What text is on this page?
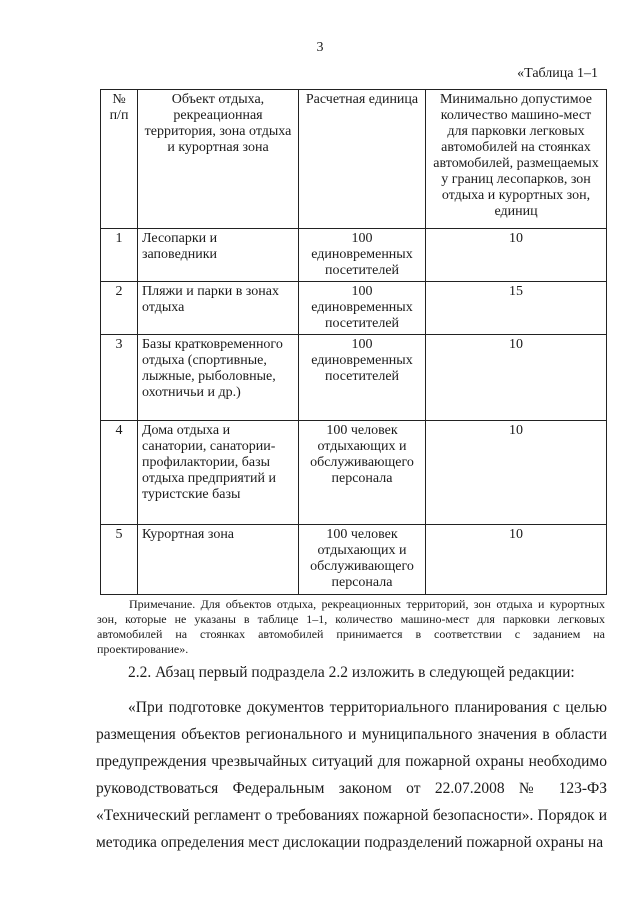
3
«Таблица 1–1
№ п/п	Объект отдыха, рекреационная территория, зона отдыха и курортная зона	Расчетная единица	Минимально допустимое количество машино-мест для парковки легковых автомобилей на стоянках автомобилей, размещаемых у границ лесопарков, зон отдыха и курортных зон, единиц
1	Лесопарки и заповедники	100 единовременных посетителей	10
2	Пляжи и парки в зонах отдыха	100 единовременных посетителей	15
3	Базы кратковременного отдыха (спортивные, лыжные, рыболовные, охотничьи и др.)	100 единовременных посетителей	10
4	Дома отдыха и санатории, санатории-профилактории, базы отдыха предприятий и туристские базы	100 человек отдыхающих и обслуживающего персонала	10
5	Курортная зона	100 человек отдыхающих и обслуживающего персонала	10
Примечание. Для объектов отдыха, рекреационных территорий, зон отдыха и курортных зон, которые не указаны в таблице 1–1, количество машино-мест для парковки легковых автомобилей на стоянках автомобилей принимается в соответствии с заданием на проектирование».
2.2. Абзац первый подраздела 2.2 изложить в следующей редакции:
«При подготовке документов территориального планирования с целью размещения объектов регионального и муниципального значения в области предупреждения чрезвычайных ситуаций для пожарной охраны необходимо руководствоваться Федеральным законом от 22.07.2008 № 123-ФЗ «Технический регламент о требованиях пожарной безопасности». Порядок и методика определения мест дислокации подразделений пожарной охраны на
